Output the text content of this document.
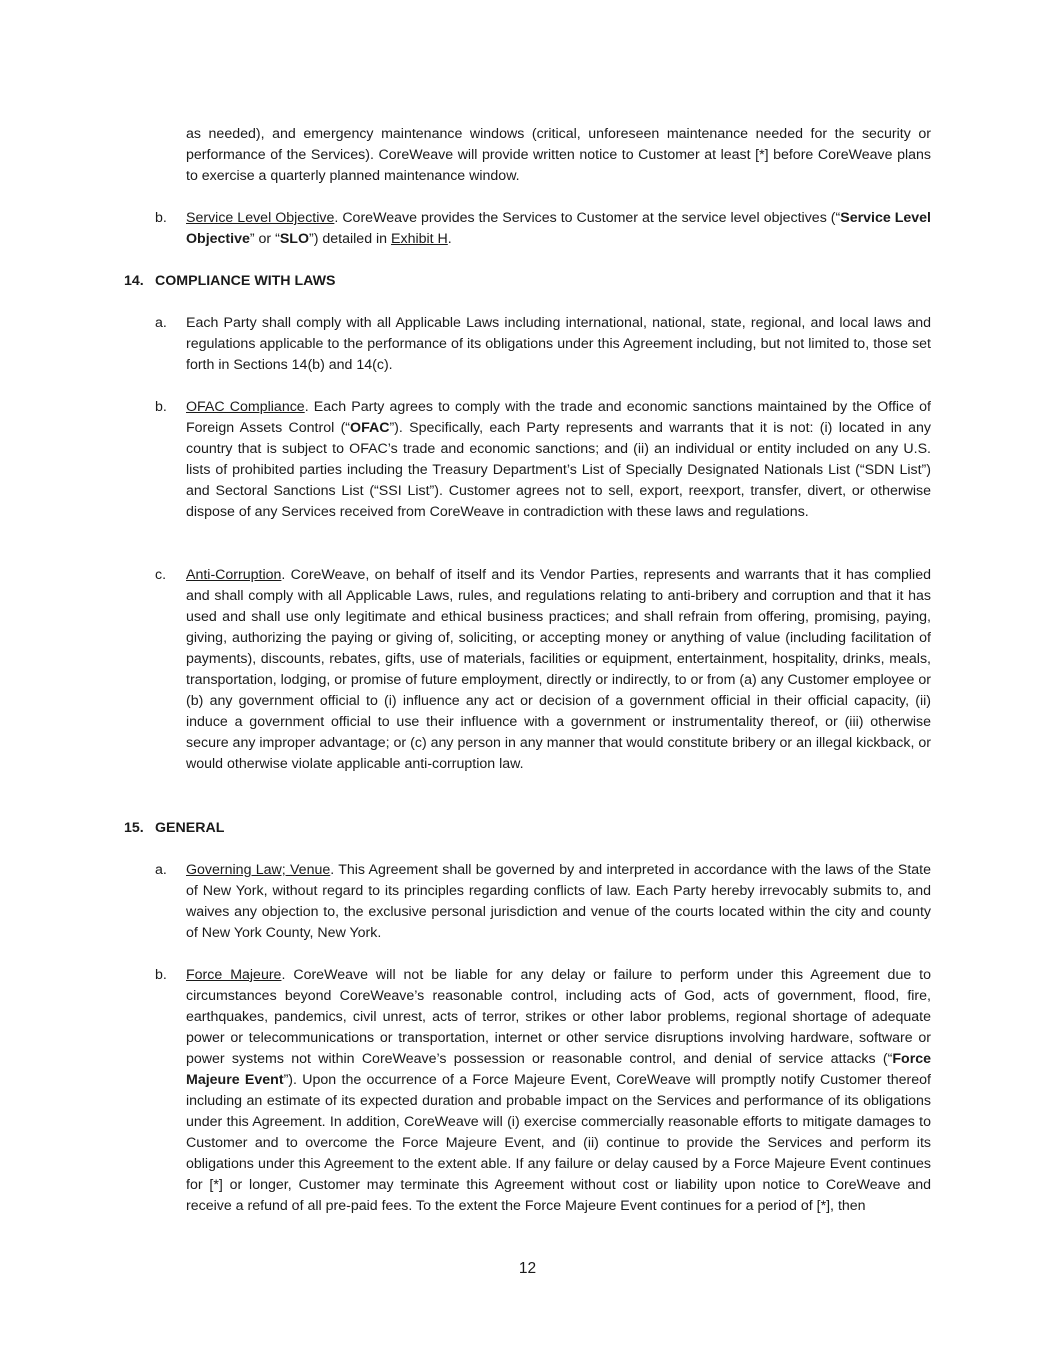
as needed), and emergency maintenance windows (critical, unforeseen maintenance needed for the security or performance of the Services). CoreWeave will provide written notice to Customer at least [*] before CoreWeave plans to exercise a quarterly planned maintenance window.

b. Service Level Objective. CoreWeave provides the Services to Customer at the service level objectives (“Service Level Objective” or “SLO”) detailed in Exhibit H.

14. COMPLIANCE WITH LAWS
a. Each Party shall comply with all Applicable Laws including international, national, state, regional, and local laws and regulations applicable to the performance of its obligations under this Agreement including, but not limited to, those set forth in Sections 14(b) and 14(c).

b. OFAC Compliance. Each Party agrees to comply with the trade and economic sanctions maintained by the Office of Foreign Assets Control (“OFAC”). Specifically, each Party represents and warrants that it is not: (i) located in any country that is subject to OFAC’s trade and economic sanctions; and (ii) an individual or entity included on any U.S. lists of prohibited parties including the Treasury Department’s List of Specially Designated Nationals List (“SDN List”) and Sectoral Sanctions List (“SSI List”). Customer agrees not to sell, export, reexport, transfer, divert, or otherwise dispose of any Services received from CoreWeave in contradiction with these laws and regulations.

c. Anti-Corruption. CoreWeave, on behalf of itself and its Vendor Parties, represents and warrants that it has complied and shall comply with all Applicable Laws, rules, and regulations relating to anti-bribery and corruption and that it has used and shall use only legitimate and ethical business practices; and shall refrain from offering, promising, paying, giving, authorizing the paying or giving of, soliciting, or accepting money or anything of value (including facilitation of payments), discounts, rebates, gifts, use of materials, facilities or equipment, entertainment, hospitality, drinks, meals, transportation, lodging, or promise of future employment, directly or indirectly, to or from (a) any Customer employee or (b) any government official to (i) influence any act or decision of a government official in their official capacity, (ii) induce a government official to use their influence with a government or instrumentality thereof, or (iii) otherwise secure any improper advantage; or (c) any person in any manner that would constitute bribery or an illegal kickback, or would otherwise violate applicable anti-corruption law.

15. GENERAL
a. Governing Law; Venue. This Agreement shall be governed by and interpreted in accordance with the laws of the State of New York, without regard to its principles regarding conflicts of law. Each Party hereby irrevocably submits to, and waives any objection to, the exclusive personal jurisdiction and venue of the courts located within the city and county of New York County, New York.

b. Force Majeure. CoreWeave will not be liable for any delay or failure to perform under this Agreement due to circumstances beyond CoreWeave’s reasonable control, including acts of God, acts of government, flood, fire, earthquakes, pandemics, civil unrest, acts of terror, strikes or other labor problems, regional shortage of adequate power or telecommunications or transportation, internet or other service disruptions involving hardware, software or power systems not within CoreWeave’s possession or reasonable control, and denial of service attacks (“Force Majeure Event”). Upon the occurrence of a Force Majeure Event, CoreWeave will promptly notify Customer thereof including an estimate of its expected duration and probable impact on the Services and performance of its obligations under this Agreement. In addition, CoreWeave will (i) exercise commercially reasonable efforts to mitigate damages to Customer and to overcome the Force Majeure Event, and (ii) continue to provide the Services and perform its obligations under this Agreement to the extent able. If any failure or delay caused by a Force Majeure Event continues for [*] or longer, Customer may terminate this Agreement without cost or liability upon notice to CoreWeave and receive a refund of all pre-paid fees. To the extent the Force Majeure Event continues for a period of [*], then

12
